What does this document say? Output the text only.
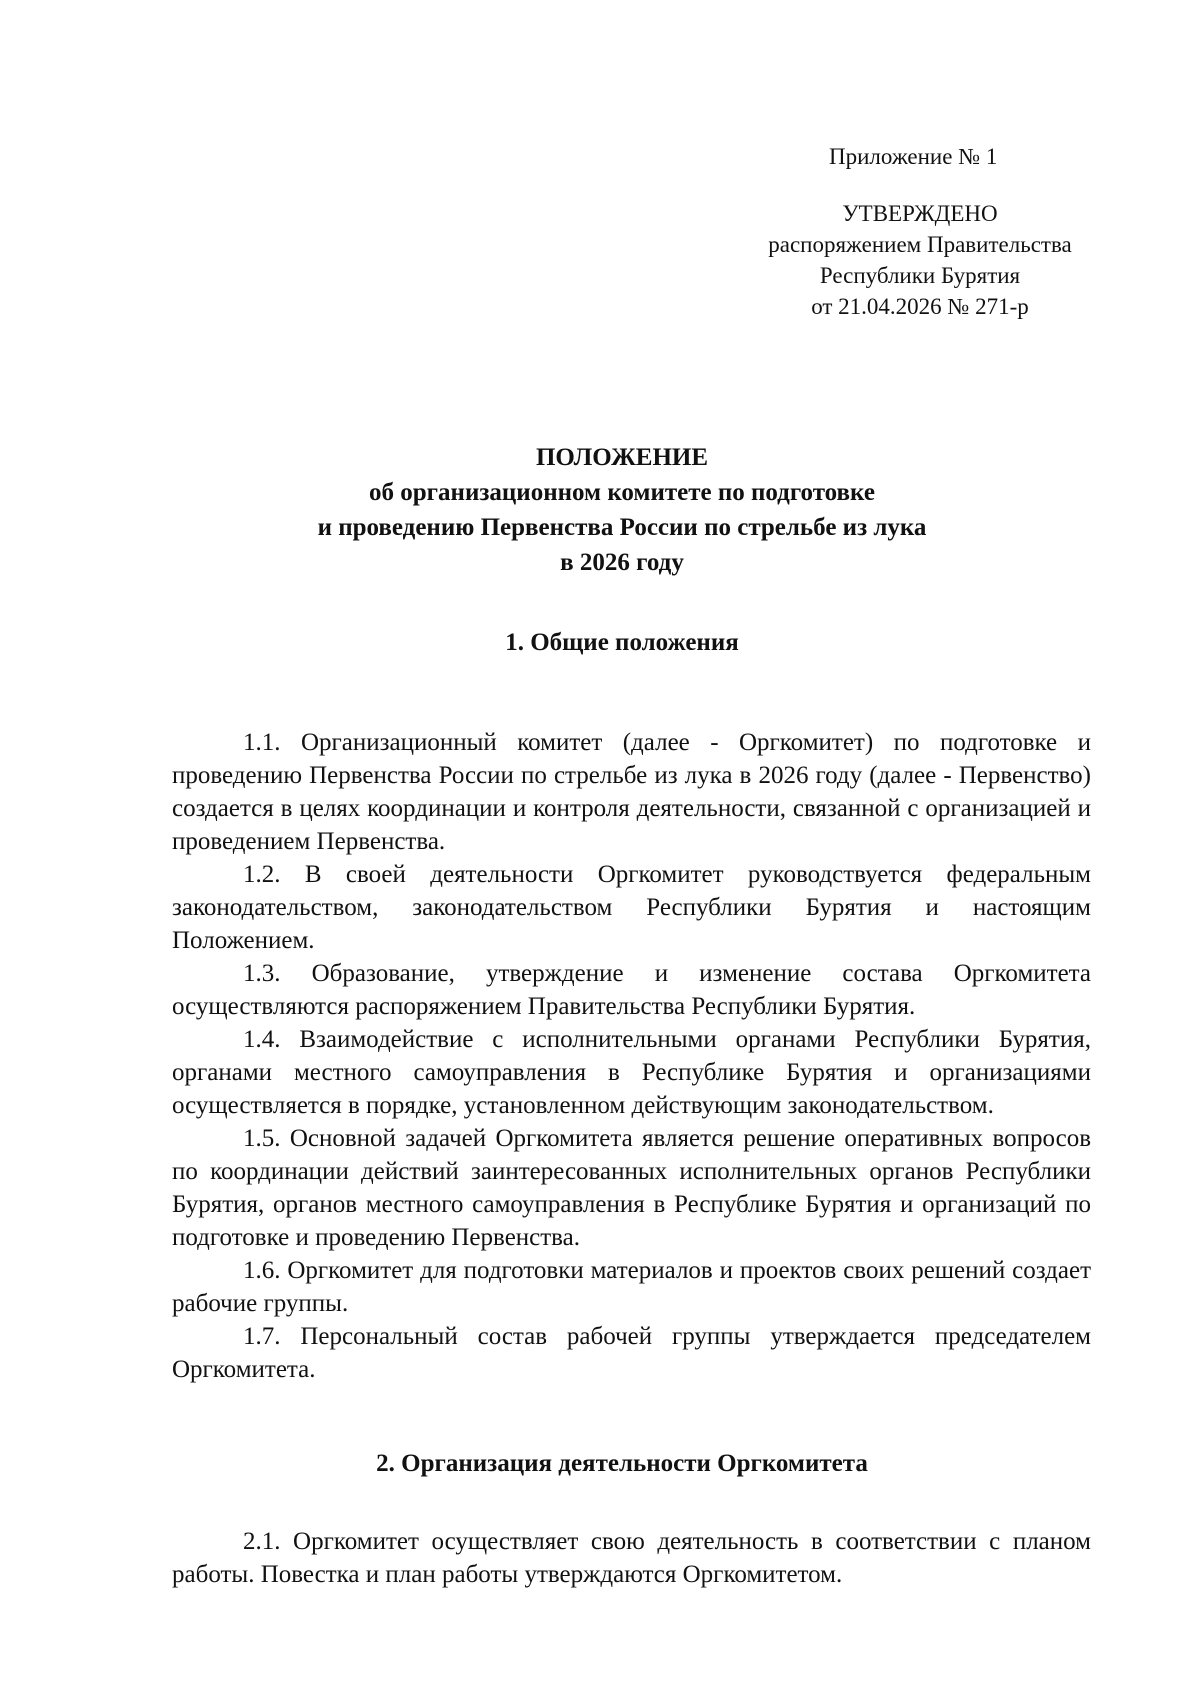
Приложение № 1
УТВЕРЖДЕНО
распоряжением Правительства
Республики Бурятия
от 21.04.2026 № 271-р
ПОЛОЖЕНИЕ
об организационном комитете по подготовке
и проведению Первенства России по стрельбе из лука
в 2026 году
1. Общие положения

1.1. Организационный комитет (далее - Оргкомитет) по подготовке и проведению Первенства России по стрельбе из лука в 2026 году (далее - Первенство) создается в целях координации и контроля деятельности, связанной с организацией и проведением Первенства.

1.2. В своей деятельности Оргкомитет руководствуется федеральным законодательством, законодательством Республики Бурятия и настоящим Положением.

1.3. Образование, утверждение и изменение состава Оргкомитета осуществляются распоряжением Правительства Республики Бурятия.

1.4. Взаимодействие с исполнительными органами Республики Бурятия, органами местного самоуправления в Республике Бурятия и организациями осуществляется в порядке, установленном действующим законодательством.

1.5. Основной задачей Оргкомитета является решение оперативных вопросов по координации действий заинтересованных исполнительных органов Республики Бурятия, органов местного самоуправления в Республике Бурятия и организаций по подготовке и проведению Первенства.

1.6. Оргкомитет для подготовки материалов и проектов своих решений создает рабочие группы.

1.7. Персональный состав рабочей группы утверждается председателем Оргкомитета.

2. Организация деятельности Оргкомитета

2.1. Оргкомитет осуществляет свою деятельность в соответствии с планом работы. Повестка и план работы утверждаются Оргкомитетом.
